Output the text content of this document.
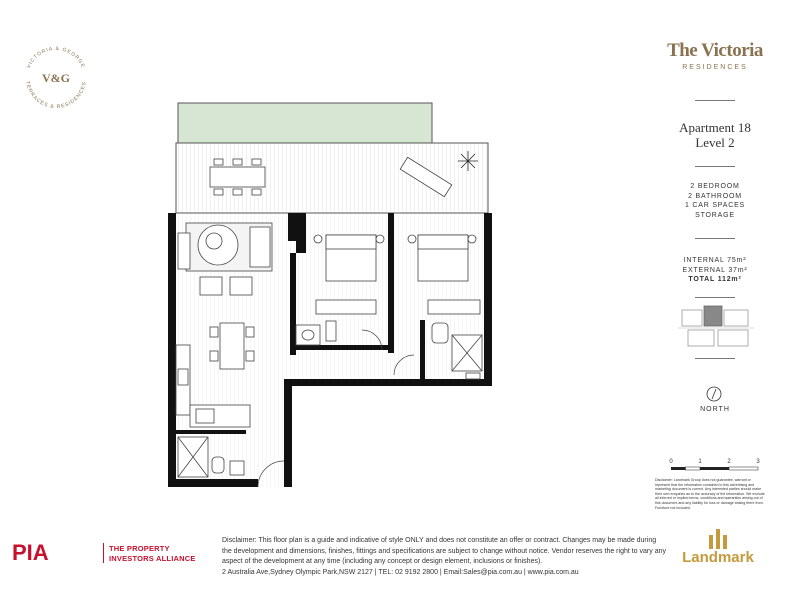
VICTORIA & GEORGE
TERRACES & RESIDENCES
V&G
The Victoria
RESIDENCES
Apartment 18
Level 2
2 BEDROOM
2 BATHROOM
1 CAR SPACES
STORAGE
INTERNAL 75m²
EXTERNAL 37m²
TOTAL 112m²
NORTH
0	1	2	3
Disclaimer: Landmark Group does not guarantee, warrant or represent that the information contained in this advertising and marketing document is correct. Any interested parties should make their own enquiries as to the accuracy of the information. We exclude all inferred or implied terms, conditions and warranties arising out of this document and any liability for loss or damage arising there from. Furniture not included.
PIA	THE PROPERTY
INVESTORS ALLIANCE
Disclaimer: This floor plan is a guide and indicative of style ONLY and does not constitute an offer or contract. Changes may be made during the development and dimensions, finishes, fittings and specifications are subject to change without notice. Vendor reserves the right to vary any aspect of the development at any time (including any concept or design element, inclusions or finishes).
2 Australia Ave,Sydney Olympic Park,NSW 2127 | TEL: 02 9192 2800 | Email:Sales@pia.com.au | www.pia.com.au
Landmark
